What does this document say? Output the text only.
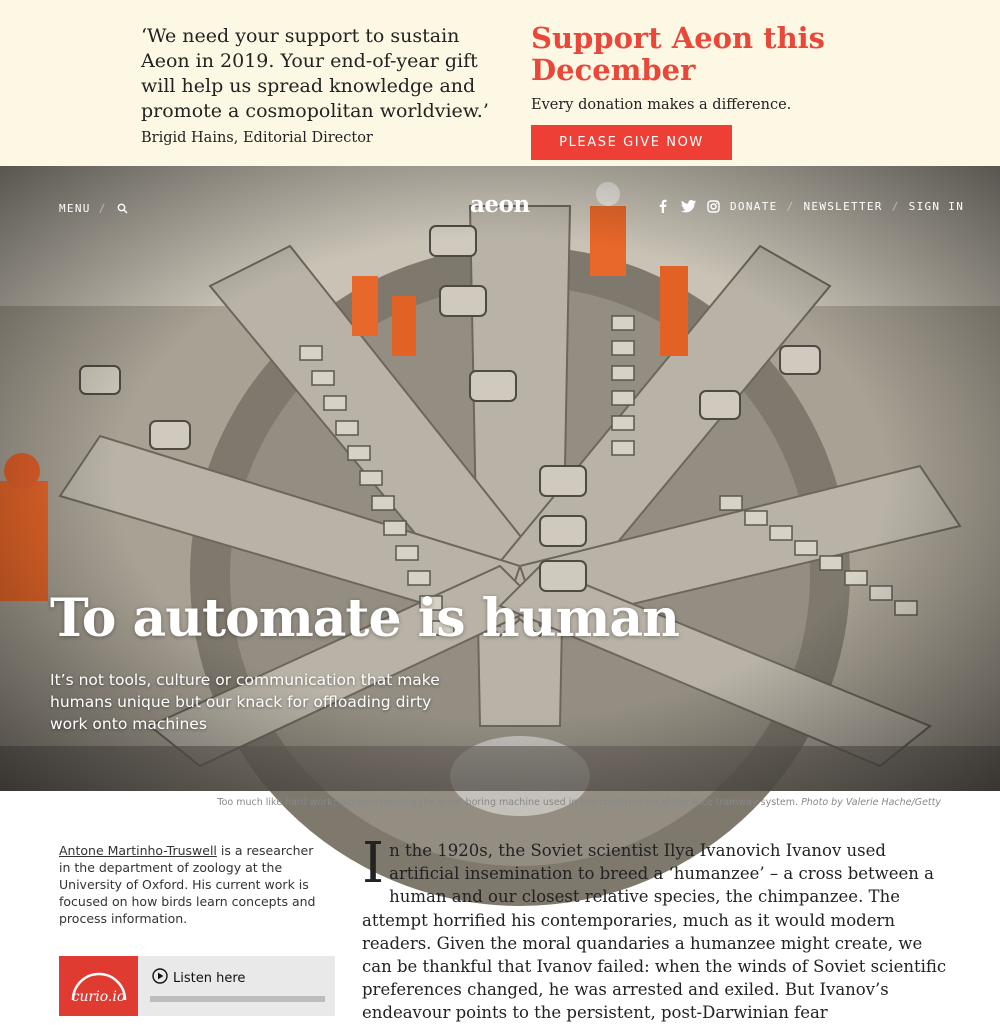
‘We need your support to sustain Aeon in 2019. Your end-of-year gift will help us spread knowledge and promote a cosmopolitan worldview.’

Brigid Hains, Editorial Director

Support Aeon this December

Every donation makes a difference.

PLEASE GIVE NOW
MENU /	aeon	DONATE / NEWSLETTER / SIGN IN
To automate is human

It’s not tools, culture or communication that make humans unique but our knack for offloading dirty work onto machines

Too much like hard work: Workers tending the giant boring machine used in the construction of the Nice tramway system. Photo by Valerie Hache/Getty

Antone Martinho-Truswell is a researcher in the department of zoology at the University of Oxford. His current work is focused on how birds learn concepts and process information.

curio.io
Listen here
I n the 1920s, the Soviet scientist Ilya Ivanovich Ivanov used artificial insemination to breed a ‘humanzee’ – a cross between a human and our closest relative species, the chimpanzee. The attempt horrified his contemporaries, much as it would modern readers. Given the moral quandaries a humanzee might create, we can be thankful that Ivanov failed: when the winds of Soviet scientific preferences changed, he was arrested and exiled. But Ivanov’s endeavour points to the persistent, post-Darwinian fear
